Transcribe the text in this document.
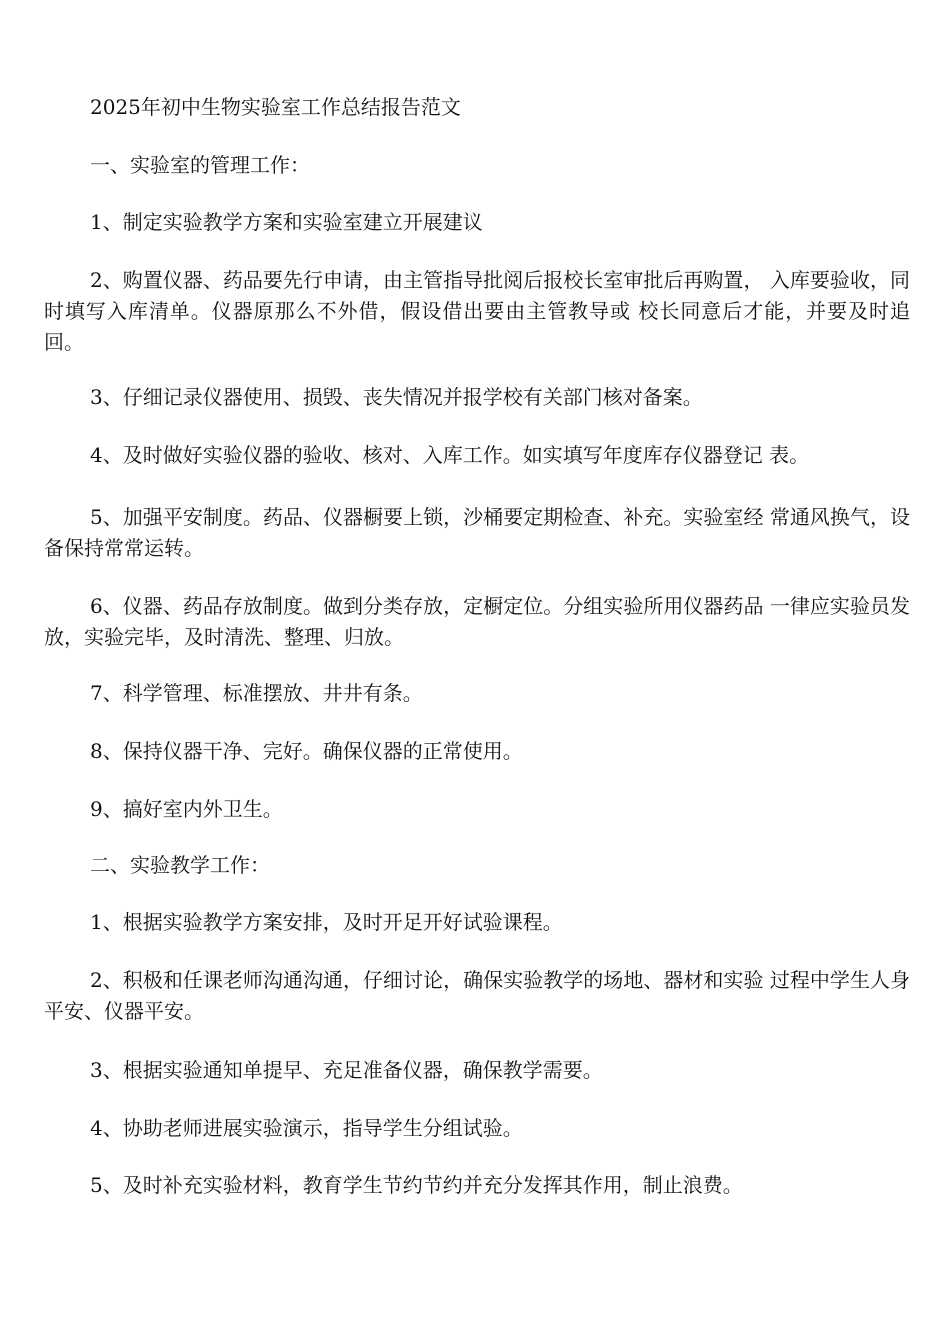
2025年初中生物实验室工作总结报告范文

一、实验室的管理工作：

1、制定实验教学方案和实验室建立开展建议

2、购置仪器、药品要先行申请，由主管指导批阅后报校长室审批后再购置， 入库要验收，同时填写入库清单。仪器原那么不外借，假设借出要由主管教导或 校长同意后才能，并要及时追回。

3、仔细记录仪器使用、损毁、丧失情况并报学校有关部门核对备案。

4、及时做好实验仪器的验收、核对、入库工作。如实填写年度库存仪器登记 表。

5、加强平安制度。药品、仪器橱要上锁，沙桶要定期检查、补充。实验室经 常通风换气，设备保持常常运转。

6、仪器、药品存放制度。做到分类存放，定橱定位。分组实验所用仪器药品 一律应实验员发放，实验完毕，及时清洗、整理、归放。

7、科学管理、标准摆放、井井有条。

8、保持仪器干净、完好。确保仪器的正常使用。

9、搞好室内外卫生。

二、实验教学工作：

1、根据实验教学方案安排，及时开足开好试验课程。

2、积极和任课老师沟通沟通，仔细讨论，确保实验教学的场地、器材和实验 过程中学生人身平安、仪器平安。

3、根据实验通知单提早、充足准备仪器，确保教学需要。

4、协助老师进展实验演示，指导学生分组试验。

5、及时补充实验材料，教育学生节约节约并充分发挥其作用，制止浪费。
